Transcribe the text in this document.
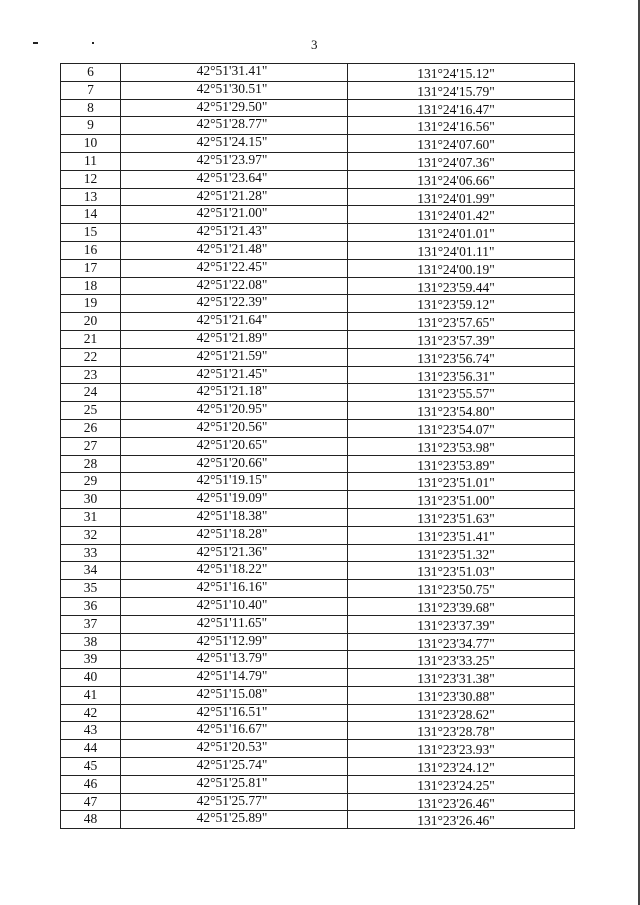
3
6	42°51'31.41"	131°24'15.12"
7	42°51'30.51"	131°24'15.79"
8	42°51'29.50"	131°24'16.47"
9	42°51'28.77"	131°24'16.56"
10	42°51'24.15"	131°24'07.60"
11	42°51'23.97"	131°24'07.36"
12	42°51'23.64"	131°24'06.66"
13	42°51'21.28"	131°24'01.99"
14	42°51'21.00"	131°24'01.42"
15	42°51'21.43"	131°24'01.01"
16	42°51'21.48"	131°24'01.11"
17	42°51'22.45"	131°24'00.19"
18	42°51'22.08"	131°23'59.44"
19	42°51'22.39"	131°23'59.12"
20	42°51'21.64"	131°23'57.65"
21	42°51'21.89"	131°23'57.39"
22	42°51'21.59"	131°23'56.74"
23	42°51'21.45"	131°23'56.31"
24	42°51'21.18"	131°23'55.57"
25	42°51'20.95"	131°23'54.80"
26	42°51'20.56"	131°23'54.07"
27	42°51'20.65"	131°23'53.98"
28	42°51'20.66"	131°23'53.89"
29	42°51'19.15"	131°23'51.01"
30	42°51'19.09"	131°23'51.00"
31	42°51'18.38"	131°23'51.63"
32	42°51'18.28"	131°23'51.41"
33	42°51'21.36"	131°23'51.32"
34	42°51'18.22"	131°23'51.03"
35	42°51'16.16"	131°23'50.75"
36	42°51'10.40"	131°23'39.68"
37	42°51'11.65"	131°23'37.39"
38	42°51'12.99"	131°23'34.77"
39	42°51'13.79"	131°23'33.25"
40	42°51'14.79"	131°23'31.38"
41	42°51'15.08"	131°23'30.88"
42	42°51'16.51"	131°23'28.62"
43	42°51'16.67"	131°23'28.78"
44	42°51'20.53"	131°23'23.93"
45	42°51'25.74"	131°23'24.12"
46	42°51'25.81"	131°23'24.25"
47	42°51'25.77"	131°23'26.46"
48	42°51'25.89"	131°23'26.46"
